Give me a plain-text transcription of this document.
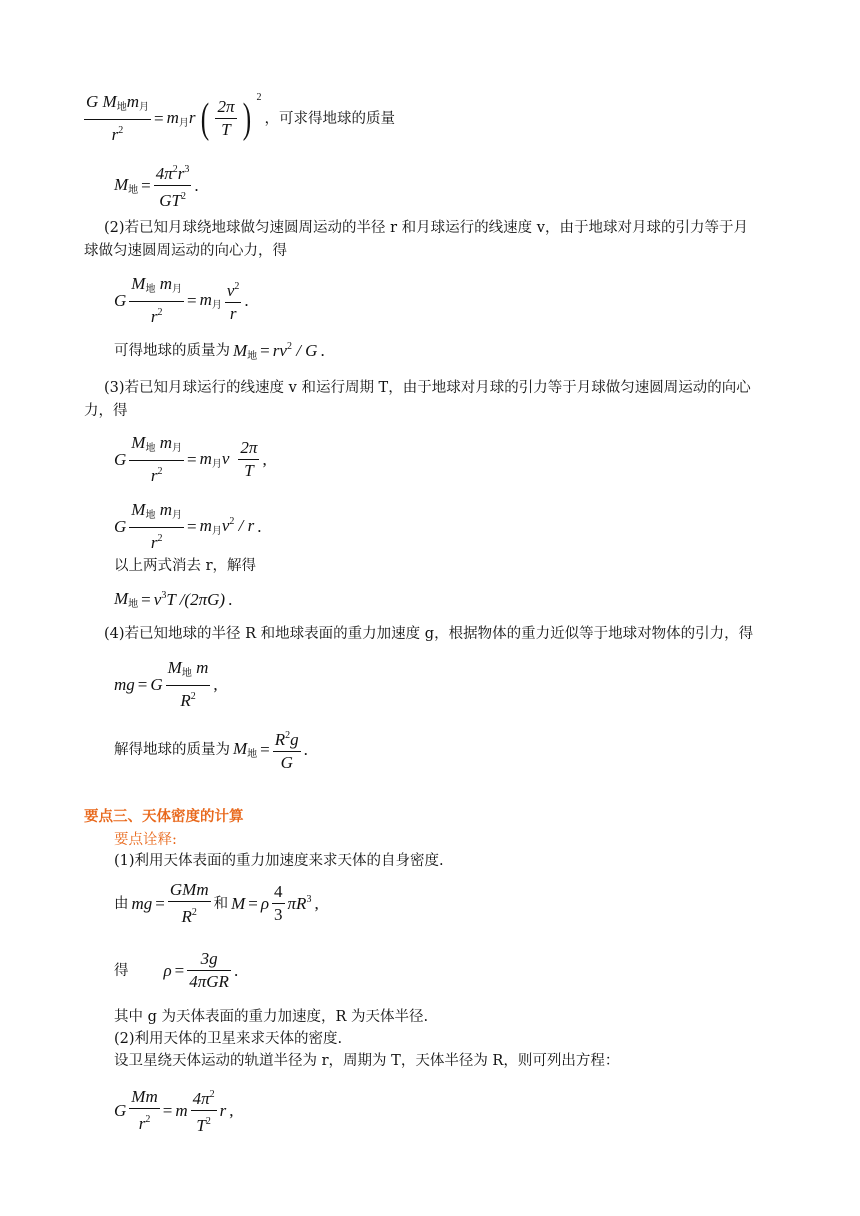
$\frac{G M_地m_月}{r^2} = m_月r$ ( $\frac{2\pi}{T}$ ) 2
，可求得地球的质量
$M_地 = \frac{4\pi^2r^3}{GT^2}$ .
(2)若已知月球绕地球做匀速圆周运动的半径 r 和月球运行的线速度 v，由于地球对月球的引力等于月
球做匀速圆周运动的向心力，得
G $\frac{M_地 m_月}{r^2} = m_月 \frac{v^2}{r}$ .
可得地球的质量为 $M_地 = rv^2 / G$ .
(3)若已知月球运行的线速度 v 和运行周期 T，由于地球对月球的引力等于月球做匀速圆周运动的向心
力，得
G $\frac{M_地 m_月}{r^2} = m_月v \frac{2\pi}{T}$ ,
G $\frac{M_地 m_月}{r^2} = m_月v^2 / r$ .
以上两式消去 r，解得
$M_地 = v^3T$ /(2πG) .
(4)若已知地球的半径 R 和地球表面的重力加速度 g，根据物体的重力近似等于地球对物体的引力，得
mg = G $\frac{M_地 m}{R^2}$ ,
解得地球的质量为 $M_地 = \frac{R^2g}{G}$ .
要点三、天体密度的计算
要点诠释:
(1)利用天体表面的重力加速度来求天体的自身密度.
由 mg = $\frac{\text{GMm}}{R^2}$ 和 M = ρ $\frac{4}{3} \pi R^3$ ,
得 $\rho = \frac{3g}{\text{4πGR}}$ .
其中 g 为天体表面的重力加速度，R 为天体半径.
(2)利用天体的卫星来求天体的密度.
设卫星绕天体运动的轨道半径为 r，周期为 T，天体半径为 R，则可列出方程：
G $\frac{Mm}{r^2} = m \frac{4\pi^2}{T^2}$ r ,
